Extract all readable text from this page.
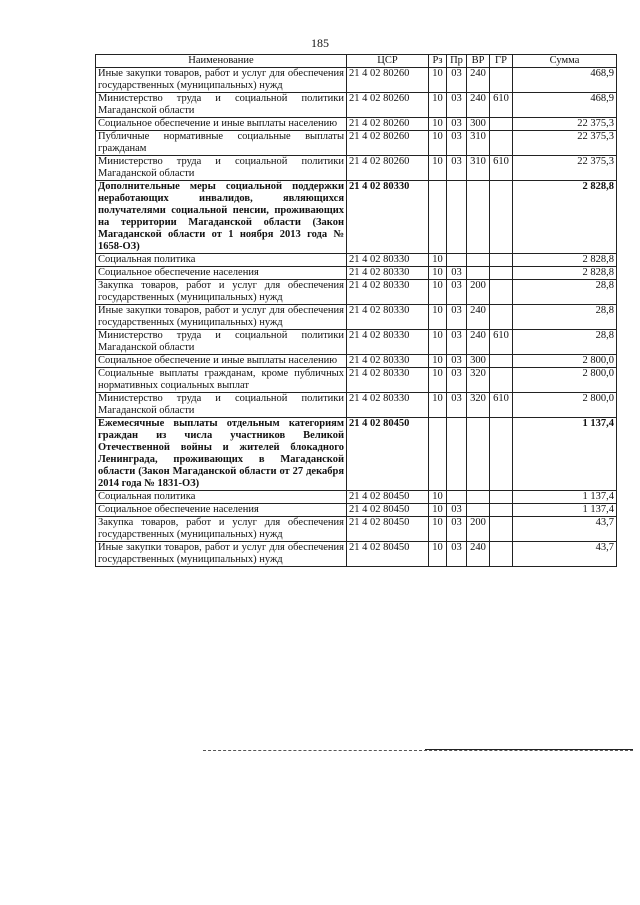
185
Наименование	ЦСР	Рз	Пр	ВР	ГР	Сумма
Иные закупки товаров, работ и услуг для обеспечения государственных (муниципальных) нужд	21 4 02 80260	10	03	240		468,9
Министерство труда и социальной политики Магаданской области	21 4 02 80260	10	03	240	610	468,9
Социальное обеспечение и иные выплаты населению	21 4 02 80260	10	03	300		22 375,3
Публичные нормативные социальные выплаты гражданам	21 4 02 80260	10	03	310		22 375,3
Министерство труда и социальной политики Магаданской области	21 4 02 80260	10	03	310	610	22 375,3
Дополнительные меры социальной поддержки неработающих инвалидов, являющихся получателями социальной пенсии, проживающих на территории Магаданской области (Закон Магаданской области от 1 ноября 2013 года № 1658-ОЗ)	21 4 02 80330					2 828,8
Социальная политика	21 4 02 80330	10				2 828,8
Социальное обеспечение населения	21 4 02 80330	10	03			2 828,8
Закупка товаров, работ и услуг для обеспечения государственных (муниципальных) нужд	21 4 02 80330	10	03	200		28,8
Иные закупки товаров, работ и услуг для обеспечения государственных (муниципальных) нужд	21 4 02 80330	10	03	240		28,8
Министерство труда и социальной политики Магаданской области	21 4 02 80330	10	03	240	610	28,8
Социальное обеспечение и иные выплаты населению	21 4 02 80330	10	03	300		2 800,0
Социальные выплаты гражданам, кроме публичных нормативных социальных выплат	21 4 02 80330	10	03	320		2 800,0
Министерство труда и социальной политики Магаданской области	21 4 02 80330	10	03	320	610	2 800,0
Ежемесячные выплаты отдельным категориям граждан из числа участников Великой Отечественной войны и жителей блокадного Ленинграда, проживающих в Магаданской области (Закон Магаданской области от 27 декабря 2014 года № 1831-ОЗ)	21 4 02 80450					1 137,4
Социальная политика	21 4 02 80450	10				1 137,4
Социальное обеспечение населения	21 4 02 80450	10	03			1 137,4
Закупка товаров, работ и услуг для обеспечения государственных (муниципальных) нужд	21 4 02 80450	10	03	200		43,7
Иные закупки товаров, работ и услуг для обеспечения государственных (муниципальных) нужд	21 4 02 80450	10	03	240		43,7
